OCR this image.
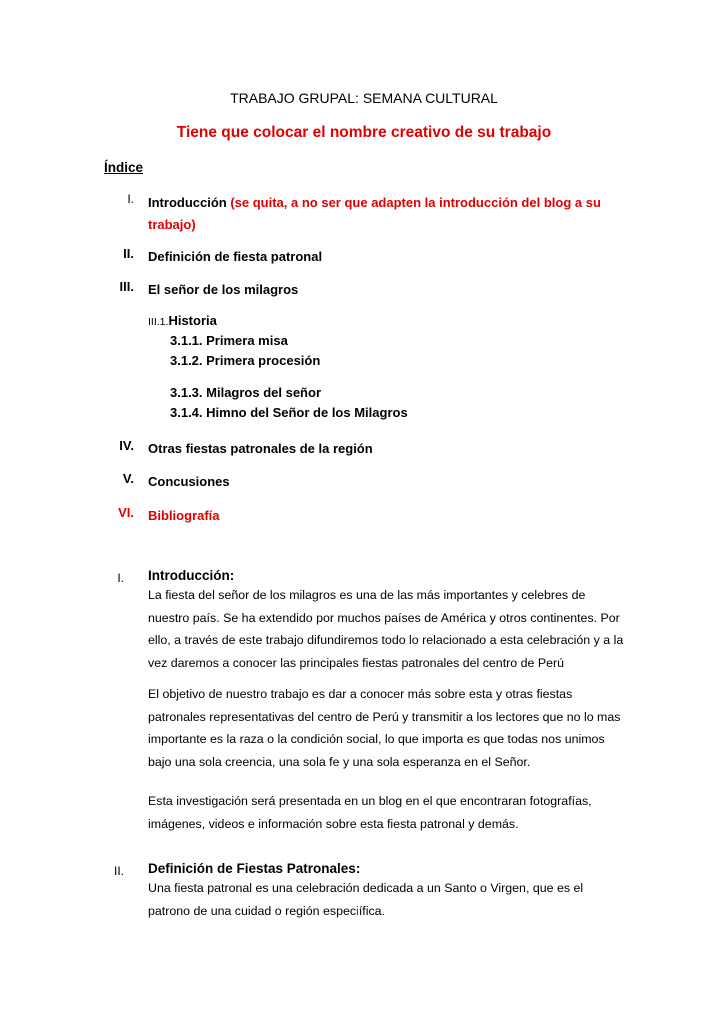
TRABAJO GRUPAL: SEMANA CULTURAL
Tiene que colocar el nombre creativo de su trabajo
Índice
I. Introducción (se quita, a no ser que adapten la introducción del blog a su trabajo)
II. Definición de fiesta patronal
III. El señor de los milagros
III.1.Historia
3.1.1. Primera misa
3.1.2. Primera procesión
3.1.3. Milagros del señor
3.1.4. Himno del Señor de los Milagros
IV. Otras fiestas patronales de la región
V. Concusiones
VI. Bibliografía
I. Introducción:
La fiesta del señor de los milagros es una de las más importantes y celebres de nuestro país. Se ha extendido por muchos países de América y otros continentes. Por ello, a través de este trabajo difundiremos todo lo relacionado a esta celebración y a la vez daremos a conocer las principales fiestas patronales del centro de Perú
El objetivo de nuestro trabajo es dar a conocer más sobre esta y otras fiestas patronales representativas del centro de Perú y transmitir a los lectores que no lo mas importante es la raza o la condición social, lo que importa es que todas nos unimos bajo una sola creencia, una sola fe y una sola esperanza en el Señor.
Esta investigación será presentada en un blog en el que encontraran fotografías, imágenes, videos e información sobre esta fiesta patronal y demás.
II. Definición de Fiestas Patronales:
Una fiesta patronal es una celebración dedicada a un Santo o Virgen, que es el patrono de una cuidad o región especiífica.
